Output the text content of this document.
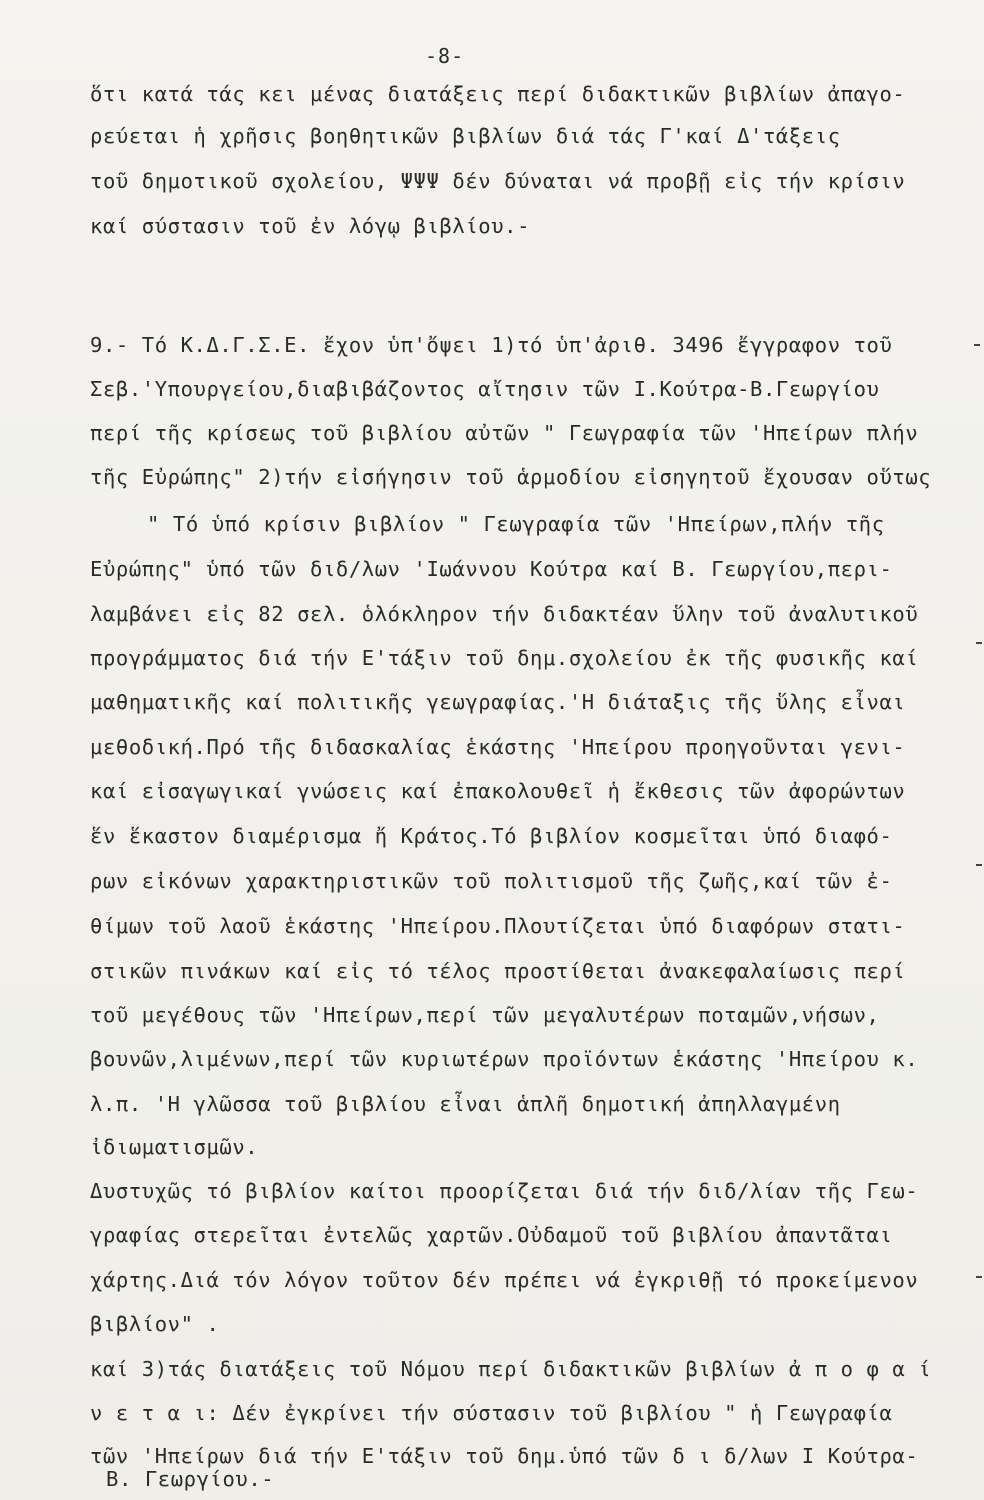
-8-
ὅτι κατά τάς κει μένας διατάξεις περί διδακτικῶν βιβλίων ἀπαγο-
ρεύεται ἡ χρῆσις βοηθητικῶν βιβλίων διά τάς Γ'καί Δ'τάξεις
τοῦ δημοτικοῦ σχολείου, ΨΨΨ δέν δύναται νά προβῇ εἰς τήν κρίσιν
καί σύστασιν τοῦ ἐν λόγῳ βιβλίου.-
9.- Τό Κ.Δ.Γ.Σ.Ε. ἔχον ὑπ'ὄψει 1)τό ὑπ'ἀριθ. 3496 ἔγγραφον τοῦ
Σεβ.'Υπουργείου,διαβιβάζοντος αἴτησιν τῶν Ι.Κούτρα-Β.Γεωργίου
περί τῆς κρίσεως τοῦ βιβλίου αὐτῶν " Γεωγραφία τῶν 'Ηπείρων πλήν
τῆς Εὐρώπης" 2)τήν εἰσήγησιν τοῦ ἁρμοδίου εἰσηγητοῦ ἔχουσαν οὕτως
" Τό ὑπό κρίσιν βιβλίον " Γεωγραφία τῶν 'Ηπείρων,πλήν τῆς
Εὐρώπης" ὑπό τῶν διδ/λων 'Ιωάννου Κούτρα καί Β. Γεωργίου,περι-
λαμβάνει εἰς 82 σελ. ὁλόκληρον τήν διδακτέαν ὕλην τοῦ ἀναλυτικοῦ
προγράμματος διά τήν Ε'τάξιν τοῦ δημ.σχολείου ἐκ τῆς φυσικῆς καί
μαθηματικῆς καί πολιτικῆς γεωγραφίας.'Η διάταξις τῆς ὕλης εἶναι
μεθοδική.Πρό τῆς διδασκαλίας ἑκάστης 'Ηπείρου προηγοῦνται γενι-
καί εἰσαγωγικαί γνώσεις καί ἐπακολουθεῖ ἡ ἔκθεσις τῶν ἀφορώντων
ἕν ἕκαστον διαμέρισμα ἤ Κράτος.Τό βιβλίον κοσμεῖται ὑπό διαφό-
ρων εἰκόνων χαρακτηριστικῶν τοῦ πολιτισμοῦ τῆς ζωῆς,καί τῶν ἐ-
θίμων τοῦ λαοῦ ἑκάστης 'Ηπείρου.Πλουτίζεται ὑπό διαφόρων στατι-
στικῶν πινάκων καί εἰς τό τέλος προστίθεται ἀνακεφαλαίωσις περί
τοῦ μεγέθους τῶν 'Ηπείρων,περί τῶν μεγαλυτέρων ποταμῶν,νήσων,
βουνῶν,λιμένων,περί τῶν κυριωτέρων προϊόντων ἑκάστης 'Ηπείρου κ.
λ.π. 'Η γλῶσσα τοῦ βιβλίου εἶναι ἁπλῆ δημοτική ἀπηλλαγμένη
ἰδιωματισμῶν.
Δυστυχῶς τό βιβλίον καίτοι προορίζεται διά τήν διδ/λίαν τῆς Γεω-
γραφίας στερεῖται ἐντελῶς χαρτῶν.Οὐδαμοῦ τοῦ βιβλίου ἀπαντᾶται
χάρτης.Διά τόν λόγον τοῦτον δέν πρέπει νά ἐγκριθῇ τό προκείμενον
βιβλίον" .
καί 3)τάς διατάξεις τοῦ Νόμου περί διδακτικῶν βιβλίων ἀ π ο φ α ί
ν ε τ α ι: Δέν ἐγκρίνει τήν σύστασιν τοῦ βιβλίου " ἡ Γεωγραφία
τῶν 'Ηπείρων διά τήν Ε'τάξιν τοῦ δημ.ὑπό τῶν δ ι δ/λων Ι Κούτρα-
Β. Γεωργίου.-
